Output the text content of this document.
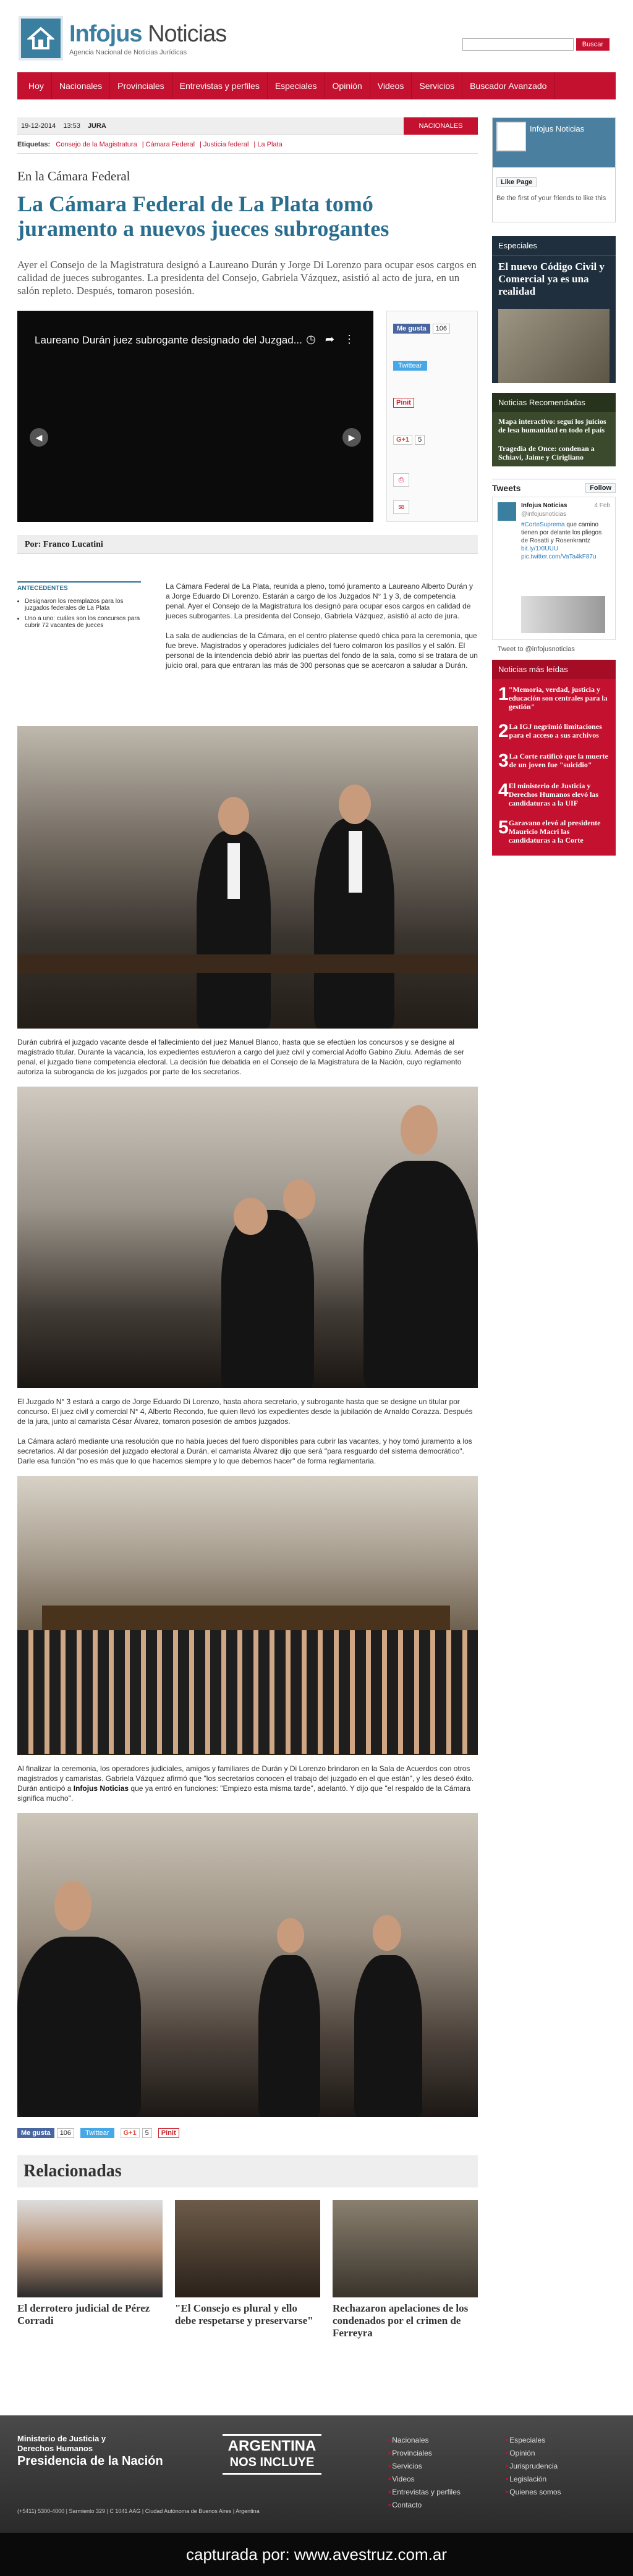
Infojus Noticias
Agencia Nacional de Noticias Jurídicas
Buscar
Hoy	Nacionales	Provinciales	Entrevistas y perfiles	Especiales	Opinión	Videos	Servicios	Buscador Avanzado
19-12-2014 13:53 JURA	NACIONALES
Etiquetas: Consejo de la Magistratura | Cámara Federal | Justicia federal | La Plata
En la Cámara Federal
La Cámara Federal de La Plata tomó juramento a nuevos jueces subrogantes
Ayer el Consejo de la Magistratura designó a Laureano Durán y Jorge Di Lorenzo para ocupar esos cargos en calidad de jueces subrogantes. La presidenta del Consejo, Gabriela Vázquez, asistió al acto de jura, en un salón repleto. Después, tomaron posesión.
Laureano Durán juez subrogante designado del Juzgad... ◷ ➦ ⋮
◀	▶
Me gusta 106
Twittear
Pinit
G+1 5
⎙
✉
Por: Franco Lucatini
ANTECEDENTES
• Designaron los reemplazos para los juzgados federales de La Plata
• Uno a uno: cuáles son los concursos para cubrir 72 vacantes de jueces

La Cámara Federal de La Plata, reunida a pleno, tomó juramento a Laureano Alberto Durán y a Jorge Eduardo Di Lorenzo. Estarán a cargo de los Juzgados N° 1 y 3, de competencia penal. Ayer el Consejo de la Magistratura los designó para ocupar esos cargos en calidad de jueces subrogantes. La presidenta del Consejo, Gabriela Vázquez, asistió al acto de jura.

La sala de audiencias de la Cámara, en el centro platense quedó chica para la ceremonia, que fue breve. Magistrados y operadores judiciales del fuero colmaron los pasillos y el salón. El personal de la intendencia debió abrir las puertas del fondo de la sala, como si se tratara de un juicio oral, para que entraran las más de 300 personas que se acercaron a saludar a Durán.

Durán cubrirá el juzgado vacante desde el fallecimiento del juez Manuel Blanco, hasta que se efectúen los concursos y se designe al magistrado titular. Durante la vacancia, los expedientes estuvieron a cargo del juez civil y comercial Adolfo Gabino Ziulu. Además de ser penal, el juzgado tiene competencia electoral. La decisión fue debatida en el Consejo de la Magistratura de la Nación, cuyo reglamento autoriza la subrogancia de los juzgados por parte de los secretarios.

El Juzgado N° 3 estará a cargo de Jorge Eduardo Di Lorenzo, hasta ahora secretario, y subrogante hasta que se designe un titular por concurso. El juez civil y comercial N° 4, Alberto Recondo, fue quien llevó los expedientes desde la jubilación de Arnaldo Corazza. Después de la jura, junto al camarista César Álvarez, tomaron posesión de ambos juzgados.

La Cámara aclaró mediante una resolución que no había jueces del fuero disponibles para cubrir las vacantes, y hoy tomó juramento a los secretarios. Al dar posesión del juzgado electoral a Durán, el camarista Álvarez dijo que será "para resguardo del sistema democrático". Darle esa función "no es más que lo que hacemos siempre y lo que debemos hacer" de forma reglamentaria.

Al finalizar la ceremonia, los operadores judiciales, amigos y familiares de Durán y Di Lorenzo brindaron en la Sala de Acuerdos con otros magistrados y camaristas. Gabriela Vázquez afirmó que "los secretarios conocen el trabajo del juzgado en el que están", y les deseó éxito. Durán anticipó a Infojus Noticias que ya entró en funciones: "Empiezo esta misma tarde", adelantó. Y dijo que "el respaldo de la Cámara significa mucho".

Me gusta 106	Twittear	G+1 5	Pinit
Relacionadas
El derrotero judicial de Pérez Corradi
"El Consejo es plural y ello debe respetarse y preservarse"
Rechazaron apelaciones de los condenados por el crimen de Ferreyra
Infojus Noticias
Like Page
Be the first of your friends to like this
Especiales
El nuevo Código Civil y Comercial ya es una realidad
Noticias Recomendadas
Mapa interactivo: seguí los juicios de lesa humanidad en todo el país
Tragedia de Once: condenan a Schiavi, Jaime y Cirigliano
Tweets	Follow
Infojus Noticias
@infojusnoticias
4 Feb
#CorteSuprema que camino tienen por delante los pliegos de Rosatti y Rosenkrantz bit.ly/1XIUUU pic.twitter.com/VaTa4kF87u
Tweet to @infojusnoticias
Noticias más leídas
1 "Memoria, verdad, justicia y educación son centrales para la gestión"
2 La IGJ negrimió limitaciones para el acceso a sus archivos
3 La Corte ratificó que la muerte de un joven fue "suicidio"
4 El ministerio de Justicia y Derechos Humanos elevó las candidaturas a la UIF
5 Garavano elevó al presidente Mauricio Macri las candidaturas a la Corte
Ministerio de Justicia y Derechos Humanos
Presidencia de la Nación
(+5411) 5300-4000 | Sarmiento 329 | C 1041 AAG | Ciudad Autónoma de Buenos Aires | Argentina
ARGENTINA
NOS INCLUYE
■ Nacionales
■ Provinciales
■ Servicios
■ Videos
■ Entrevistas y perfiles
■ Contacto
■ Especiales
■ Opinión
■ Jurisprudencia
■ Legislación
■ Quienes somos
capturada por: www.avestruz.com.ar
